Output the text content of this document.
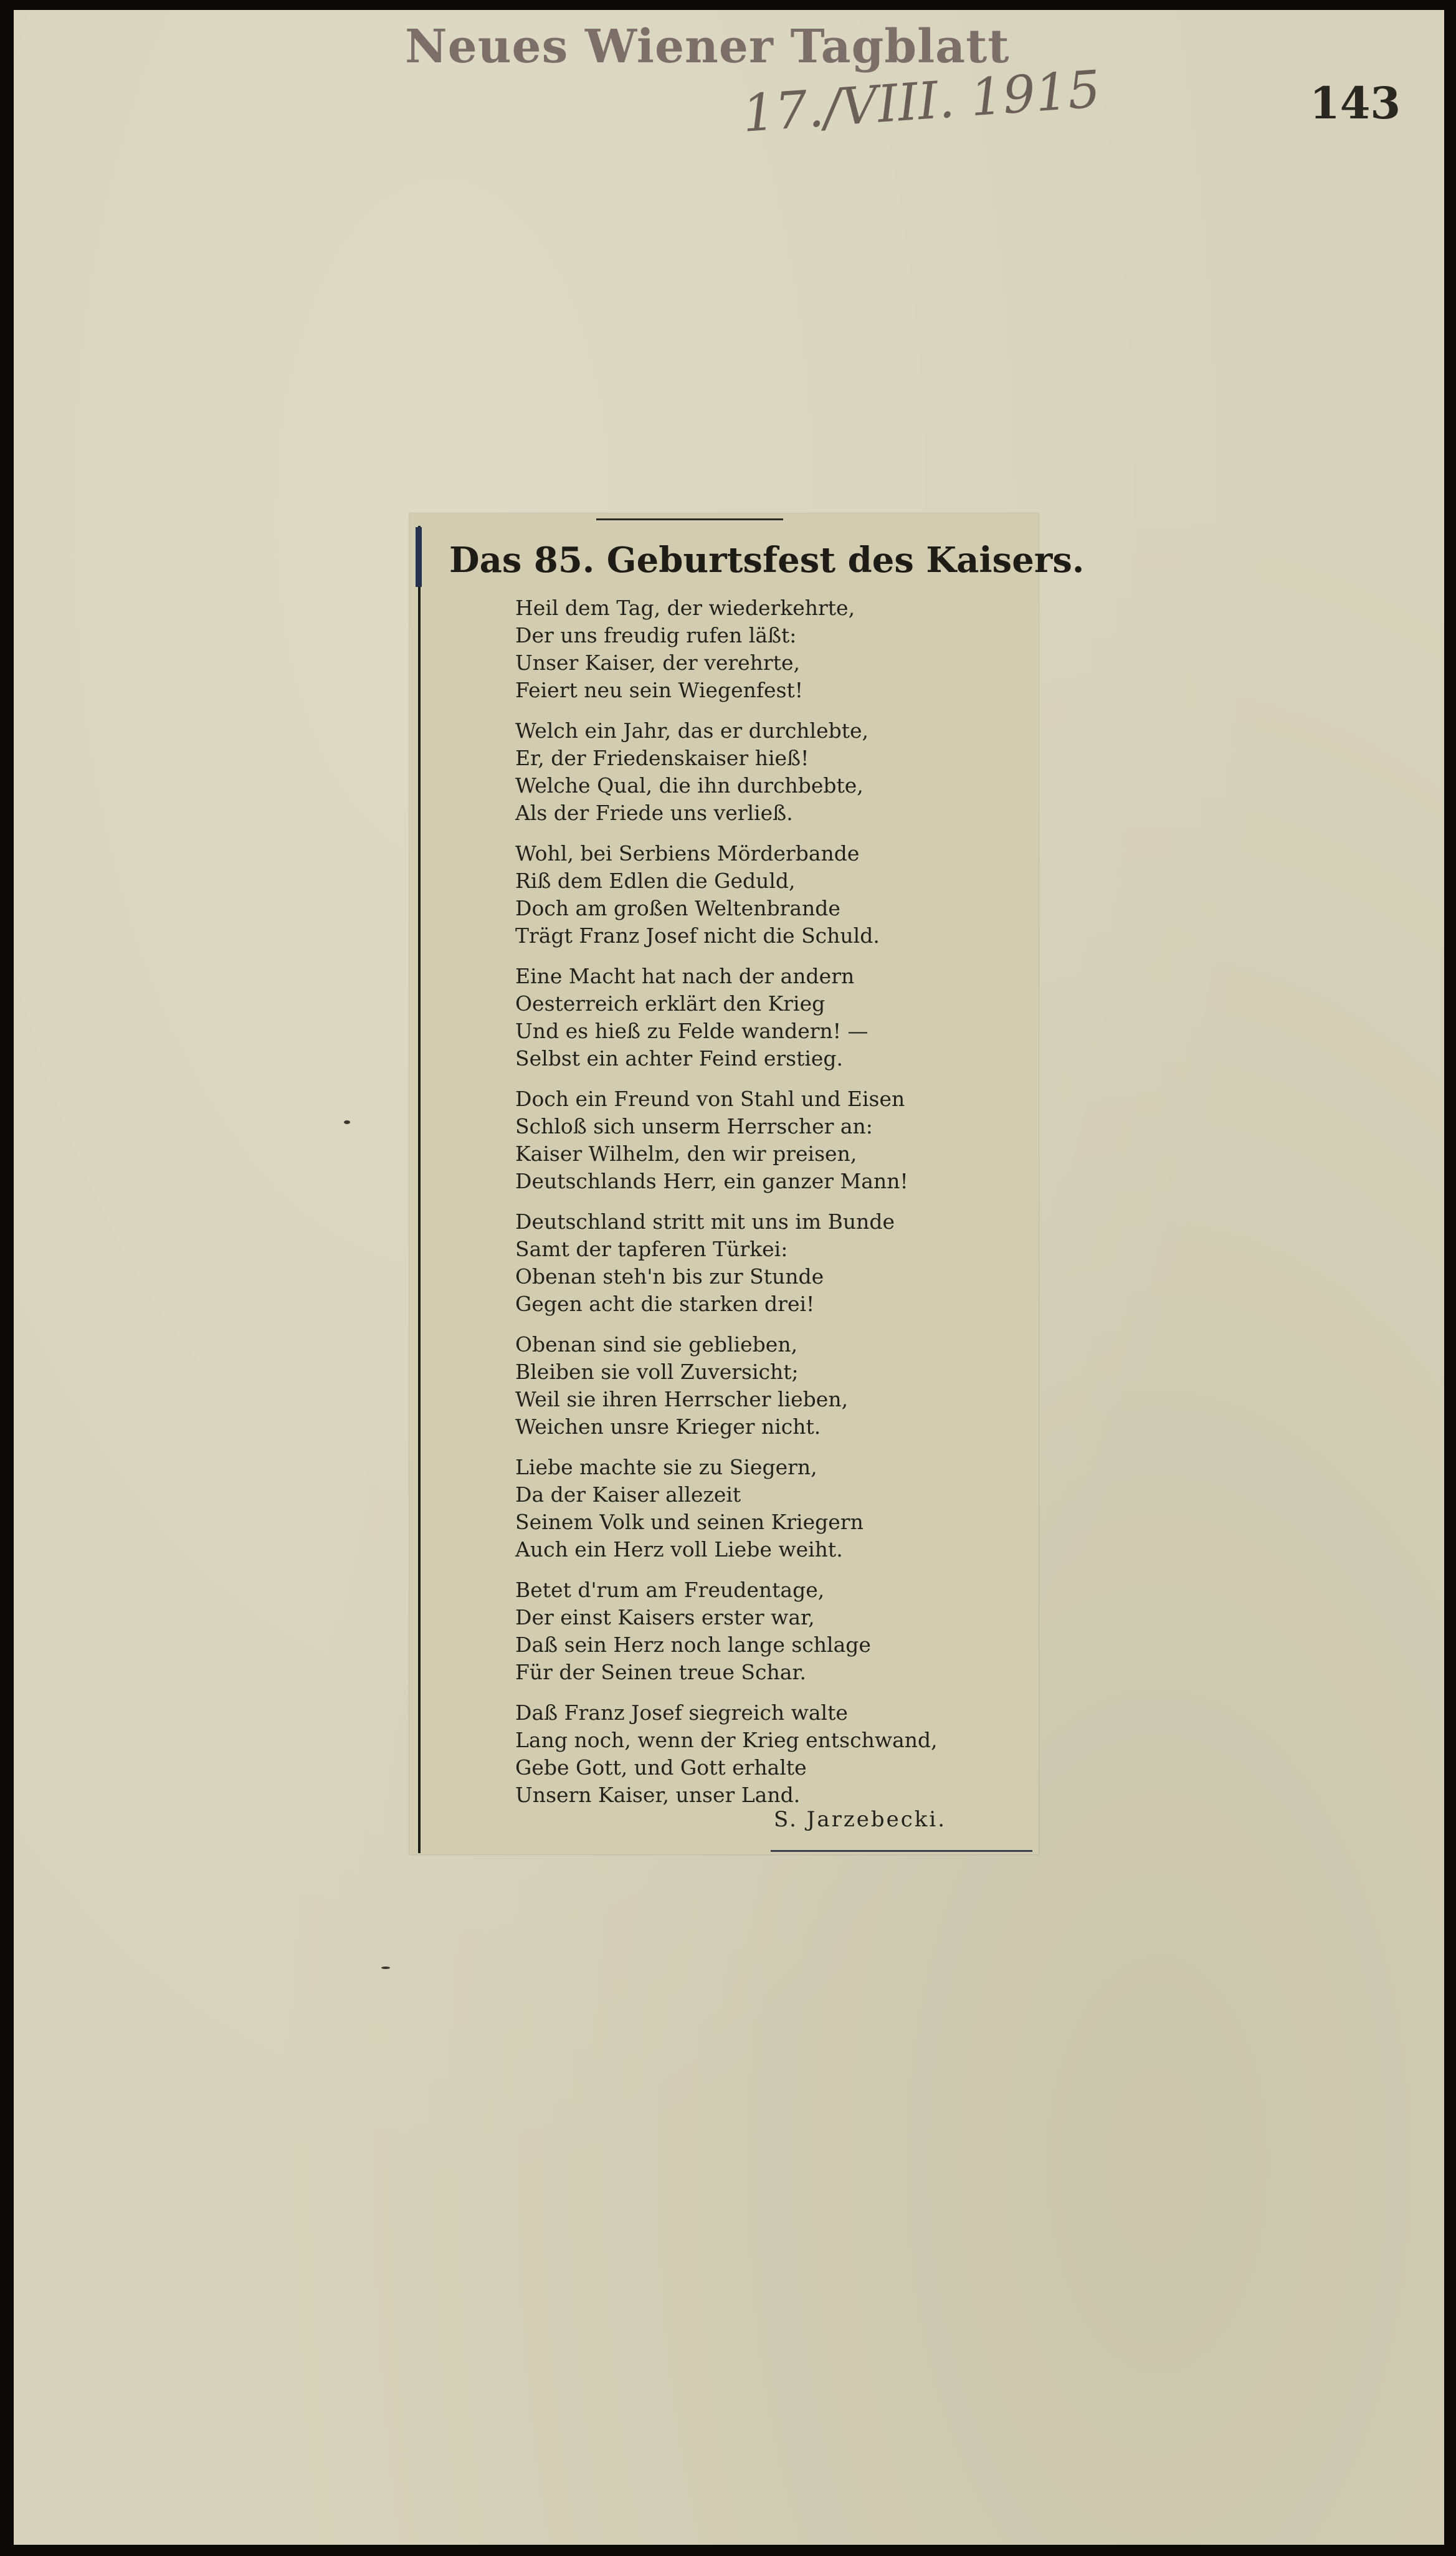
Neues Wiener Tagblatt
17./VIII. 1915	143
Das 85. Geburtsfest des Kaisers.
Heil dem Tag, der wiederkehrte,
Der uns freudig rufen läßt:
Unser Kaiser, der verehrte,
Feiert neu sein Wiegenfest!
Welch ein Jahr, das er durchlebte,
Er, der Friedenskaiser hieß!
Welche Qual, die ihn durchbebte,
Als der Friede uns verließ.
Wohl, bei Serbiens Mörderbande
Riß dem Edlen die Geduld,
Doch am großen Weltenbrande
Trägt Franz Josef nicht die Schuld.
Eine Macht hat nach der andern
Oesterreich erklärt den Krieg
Und es hieß zu Felde wandern! —
Selbst ein achter Feind erstieg.
Doch ein Freund von Stahl und Eisen
Schloß sich unserm Herrscher an:
Kaiser Wilhelm, den wir preisen,
Deutschlands Herr, ein ganzer Mann!
Deutschland stritt mit uns im Bunde
Samt der tapferen Türkei:
Obenan steh'n bis zur Stunde
Gegen acht die starken drei!
Obenan sind sie geblieben,
Bleiben sie voll Zuversicht;
Weil sie ihren Herrscher lieben,
Weichen unsre Krieger nicht.
Liebe machte sie zu Siegern,
Da der Kaiser allezeit
Seinem Volk und seinen Kriegern
Auch ein Herz voll Liebe weiht.
Betet d'rum am Freudentage,
Der einst Kaisers erster war,
Daß sein Herz noch lange schlage
Für der Seinen treue Schar.
Daß Franz Josef siegreich walte
Lang noch, wenn der Krieg entschwand,
Gebe Gott, und Gott erhalte
Unsern Kaiser, unser Land.
S. Jarzebecki.
